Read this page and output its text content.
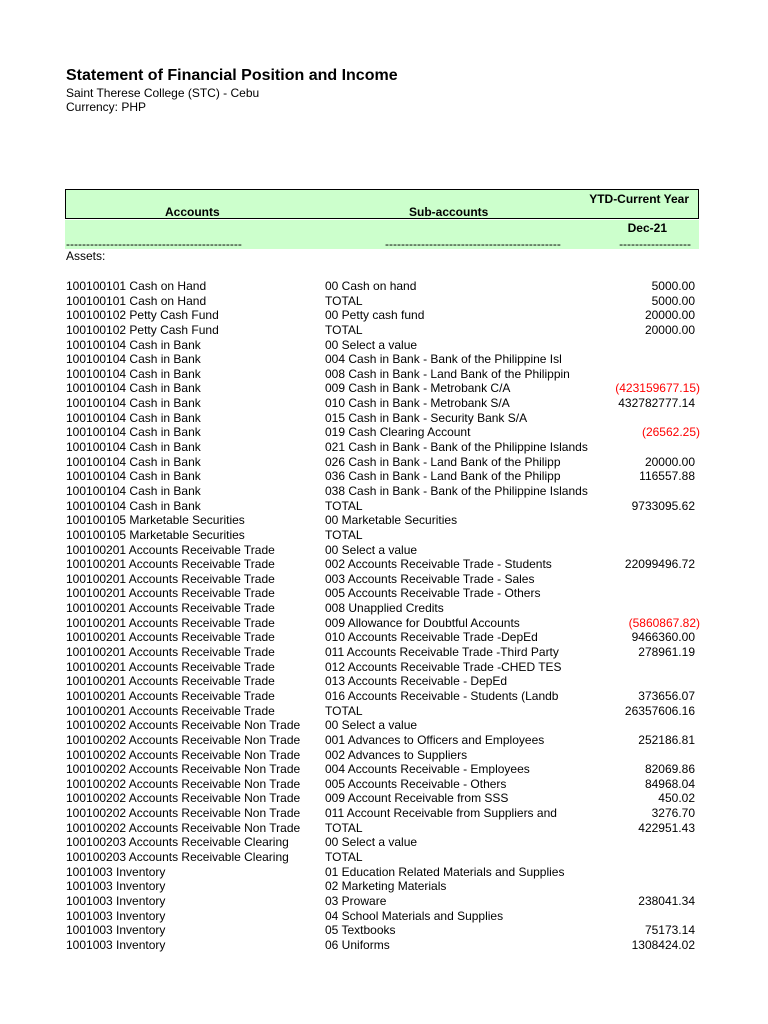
Statement of Financial Position and Income
Saint Therese College (STC) - Cebu
Currency: PHP
Accounts	Sub-accounts
YTD-Current Year
Dec-21
--------------------------------------------	--------------------------------------------	------------------
Assets:
100100101 Cash on Hand	00 Cash on hand	5000.00
100100101 Cash on Hand	TOTAL	5000.00
100100102 Petty Cash Fund	00 Petty cash fund	20000.00
100100102 Petty Cash Fund	TOTAL	20000.00
100100104 Cash in Bank	00 Select a value
100100104 Cash in Bank	004 Cash in Bank - Bank of the Philippine Isl
100100104 Cash in Bank	008 Cash in Bank - Land Bank of the Philippin
100100104 Cash in Bank	009 Cash in Bank - Metrobank C/A	(423159677.15)
100100104 Cash in Bank	010 Cash in Bank - Metrobank S/A	432782777.14
100100104 Cash in Bank	015 Cash in Bank - Security Bank S/A
100100104 Cash in Bank	019 Cash Clearing Account	(26562.25)
100100104 Cash in Bank	021 Cash in Bank - Bank of the Philippine Islands
100100104 Cash in Bank	026 Cash in Bank - Land Bank of the Philipp	20000.00
100100104 Cash in Bank	036 Cash in Bank - Land Bank of the Philipp	116557.88
100100104 Cash in Bank	038 Cash in Bank - Bank of the Philippine Islands
100100104 Cash in Bank	TOTAL	9733095.62
100100105 Marketable Securities	00 Marketable Securities
100100105 Marketable Securities	TOTAL
100100201 Accounts Receivable Trade	00 Select a value
100100201 Accounts Receivable Trade	002 Accounts Receivable Trade - Students	22099496.72
100100201 Accounts Receivable Trade	003 Accounts Receivable Trade - Sales
100100201 Accounts Receivable Trade	005 Accounts Receivable Trade - Others
100100201 Accounts Receivable Trade	008 Unapplied Credits
100100201 Accounts Receivable Trade	009 Allowance for Doubtful Accounts	(5860867.82)
100100201 Accounts Receivable Trade	010 Accounts Receivable Trade -DepEd	9466360.00
100100201 Accounts Receivable Trade	011 Accounts Receivable Trade -Third Party	278961.19
100100201 Accounts Receivable Trade	012 Accounts Receivable Trade -CHED TES
100100201 Accounts Receivable Trade	013 Accounts Receivable - DepEd
100100201 Accounts Receivable Trade	016 Accounts Receivable - Students (Landb	373656.07
100100201 Accounts Receivable Trade	TOTAL	26357606.16
100100202 Accounts Receivable Non Trade 00 Select a value
100100202 Accounts Receivable Non Trade 001 Advances to Officers and Employees	252186.81
100100202 Accounts Receivable Non Trade 002 Advances to Suppliers
100100202 Accounts Receivable Non Trade 004 Accounts Receivable - Employees	82069.86
100100202 Accounts Receivable Non Trade 005 Accounts Receivable - Others	84968.04
100100202 Accounts Receivable Non Trade 009 Account Receivable from SSS	450.02
100100202 Accounts Receivable Non Trade 011 Account Receivable from Suppliers and	3276.70
100100202 Accounts Receivable Non Trade TOTAL	422951.43
100100203 Accounts Receivable Clearing	00 Select a value
100100203 Accounts Receivable Clearing	TOTAL
1001003 Inventory	01 Education Related Materials and Supplies
1001003 Inventory	02 Marketing Materials
1001003 Inventory	03 Proware	238041.34
1001003 Inventory	04 School Materials and Supplies
1001003 Inventory	05 Textbooks	75173.14
1001003 Inventory	06 Uniforms	1308424.02
